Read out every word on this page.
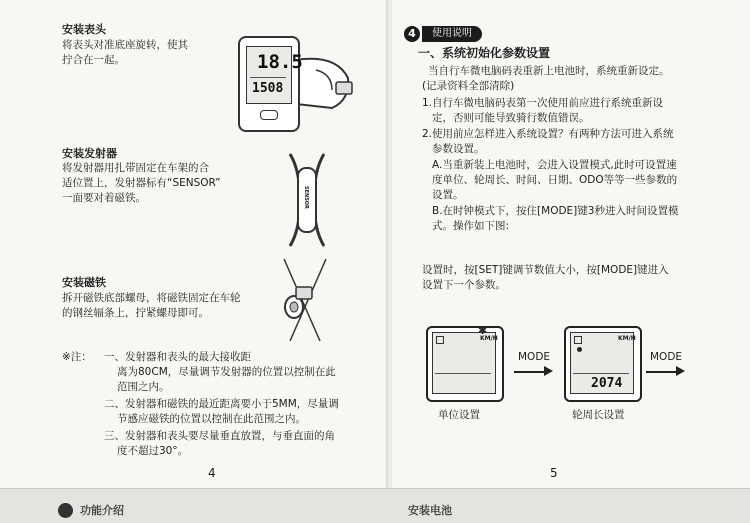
安装表头
将表头对准底座旋转，使其
拧合在一起。	18.5
1508
安装发射器
将发射器用扎带固定在车架的合
适位置上，发射器标有“SENSOR”
一面要对着磁铁。	SENSOR
安装磁铁
拆开磁铁底部螺母，将磁铁固定在车轮
的钢丝辐条上，拧紧螺母即可。
※注： 一、发射器和表头的最大接收距
离为80CM，尽量调节发射器的位置以控制在此
范围之内。
二、发射器和磁铁的最近距离要小于5MM，尽量调
节感应磁铁的位置以控制在此范围之内。
三、发射器和表头要尽量垂直放置，与垂直面的角
度不超过30°。
4
4	使用说明
一、系统初始化参数设置
当自行车微电脑码表重新上电池时，系统重新设定。
(记录资料全部清除)
1.自行车微电脑码表第一次使用前应进行系统重新设
定，否则可能导致骑行数值错误。
2.使用前应怎样进入系统设置？有两种方法可进入系统
参数设置。
A.当重新装上电池时，会进入设置模式,此时可设置速
度单位、轮周长、时间、日期、ODO等等一些参数的
设置。
B.在时钟模式下，按住[MODE]键3秒进入时间设置模
式。操作如下图:
设置时，按[SET]键调节数值大小，按[MODE]键进入
设置下一个参数。
KM/H
✱
MODE
KM/H
2074
MODE
单位设置	轮周长设置
5
功能介绍	安装电池
